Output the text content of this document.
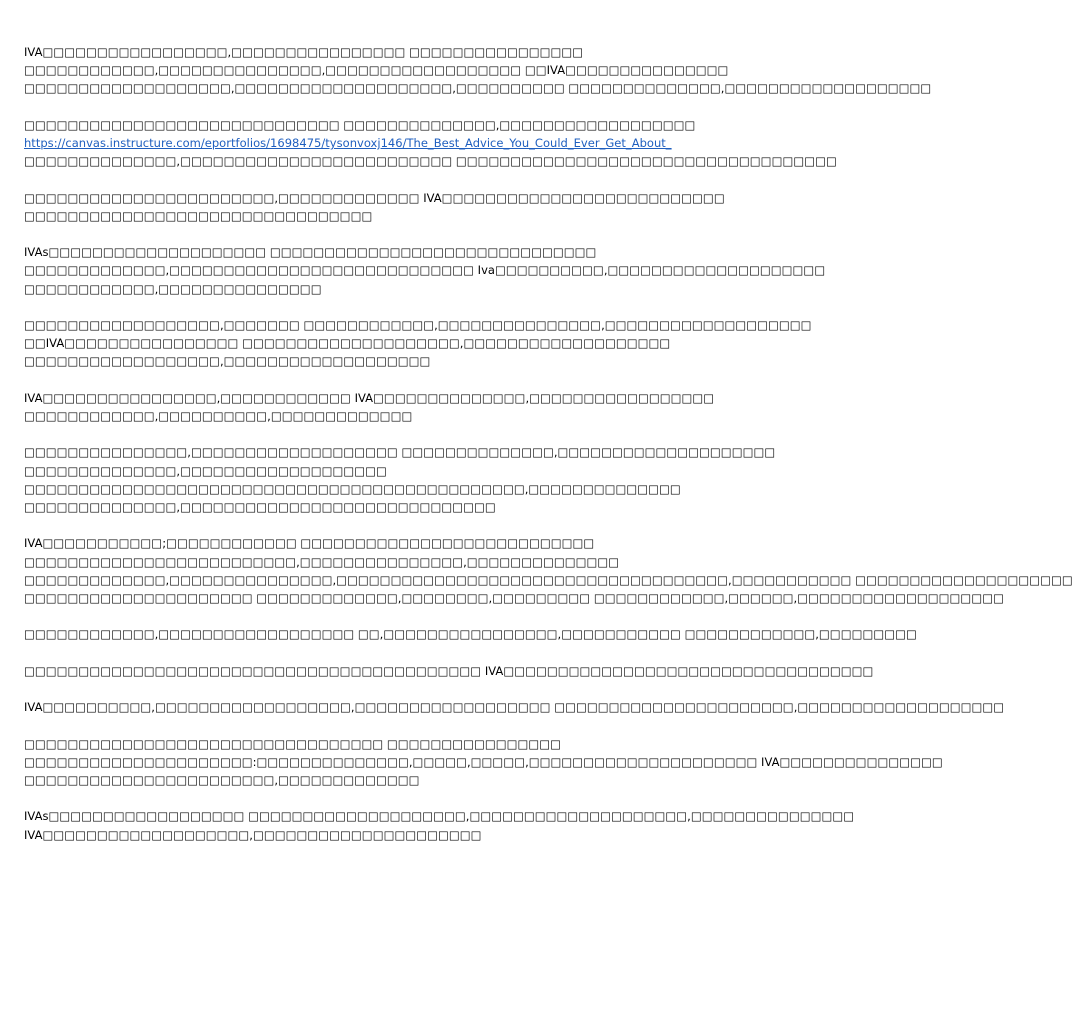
IVA□□□□□□□□□□□□□□□□□,□□□□□□□□□□□□□□□□ □□□□□□□□□□□□□□□□
□□□□□□□□□□□□,□□□□□□□□□□□□□□□,□□□□□□□□□□□□□□□□□□ □□IVA□□□□□□□□□□□□□□□
□□□□□□□□□□□□□□□□□□□,□□□□□□□□□□□□□□□□□□□□,□□□□□□□□□□ □□□□□□□□□□□□□□,□□□□□□□□□□□□□□□□□□□

□□□□□□□□□□□□□□□□□□□□□□□□□□□□□ □□□□□□□□□□□□□□,□□□□□□□□□□□□□□□□□□
https://canvas.instructure.com/eportfolios/1698475/tysonvoxj146/The_Best_Advice_You_Could_Ever_Get_About_
□□□□□□□□□□□□□□,□□□□□□□□□□□□□□□□□□□□□□□□□ □□□□□□□□□□□□□□□□□□□□□□□□□□□□□□□□□□□

□□□□□□□□□□□□□□□□□□□□□□□,□□□□□□□□□□□□□ IVA□□□□□□□□□□□□□□□□□□□□□□□□□□
□□□□□□□□□□□□□□□□□□□□□□□□□□□□□□□□

IVAs□□□□□□□□□□□□□□□□□□□□ □□□□□□□□□□□□□□□□□□□□□□□□□□□□□□
□□□□□□□□□□□□□,□□□□□□□□□□□□□□□□□□□□□□□□□□□□ Iva□□□□□□□□□□,□□□□□□□□□□□□□□□□□□□□
□□□□□□□□□□□□,□□□□□□□□□□□□□□□

□□□□□□□□□□□□□□□□□□,□□□□□□□ □□□□□□□□□□□□,□□□□□□□□□□□□□□□,□□□□□□□□□□□□□□□□□□□
□□IVA□□□□□□□□□□□□□□□□ □□□□□□□□□□□□□□□□□□□□,□□□□□□□□□□□□□□□□□□□
□□□□□□□□□□□□□□□□□□,□□□□□□□□□□□□□□□□□□□

IVA□□□□□□□□□□□□□□□□,□□□□□□□□□□□□ IVA□□□□□□□□□□□□□□,□□□□□□□□□□□□□□□□□
□□□□□□□□□□□□,□□□□□□□□□□,□□□□□□□□□□□□□

□□□□□□□□□□□□□□□,□□□□□□□□□□□□□□□□□□□ □□□□□□□□□□□□□□,□□□□□□□□□□□□□□□□□□□□
□□□□□□□□□□□□□□,□□□□□□□□□□□□□□□□□□□
□□□□□□□□□□□□□□□□□□□□□□□□□□□□□□□□□□□□□□□□□□□□□□,□□□□□□□□□□□□□□
□□□□□□□□□□□□□□,□□□□□□□□□□□□□□□□□□□□□□□□□□□□□

IVA□□□□□□□□□□□;□□□□□□□□□□□□ □□□□□□□□□□□□□□□□□□□□□□□□□□□
□□□□□□□□□□□□□□□□□□□□□□□□□,□□□□□□□□□□□□□□□,□□□□□□□□□□□□□□
□□□□□□□□□□□□□,□□□□□□□□□□□□□□□,□□□□□□□□□□□□□□□□□□□□□□□□□□□□□□□□□□□□,□□□□□□□□□□□ □□□□□□□□□□□□□□□□□□□□
□□□□□□□□□□□□□□□□□□□□□ □□□□□□□□□□□□□,□□□□□□□□,□□□□□□□□□ □□□□□□□□□□□□,□□□□□□,□□□□□□□□□□□□□□□□□□□

□□□□□□□□□□□□,□□□□□□□□□□□□□□□□□□ □□,□□□□□□□□□□□□□□□□,□□□□□□□□□□□ □□□□□□□□□□□□,□□□□□□□□□

□□□□□□□□□□□□□□□□□□□□□□□□□□□□□□□□□□□□□□□□□□ IVA□□□□□□□□□□□□□□□□□□□□□□□□□□□□□□□□□□

IVA□□□□□□□□□□,□□□□□□□□□□□□□□□□□□,□□□□□□□□□□□□□□□□□□ □□□□□□□□□□□□□□□□□□□□□□,□□□□□□□□□□□□□□□□□□□

□□□□□□□□□□□□□□□□□□□□□□□□□□□□□□□□□ □□□□□□□□□□□□□□□□
□□□□□□□□□□□□□□□□□□□□□:□□□□□□□□□□□□□□,□□□□□,□□□□□,□□□□□□□□□□□□□□□□□□□□□ IVA□□□□□□□□□□□□□□□
□□□□□□□□□□□□□□□□□□□□□□□,□□□□□□□□□□□□□

IVAs□□□□□□□□□□□□□□□□□□ □□□□□□□□□□□□□□□□□□□□,□□□□□□□□□□□□□□□□□□□□,□□□□□□□□□□□□□□□
IVA□□□□□□□□□□□□□□□□□□□,□□□□□□□□□□□□□□□□□□□□□
